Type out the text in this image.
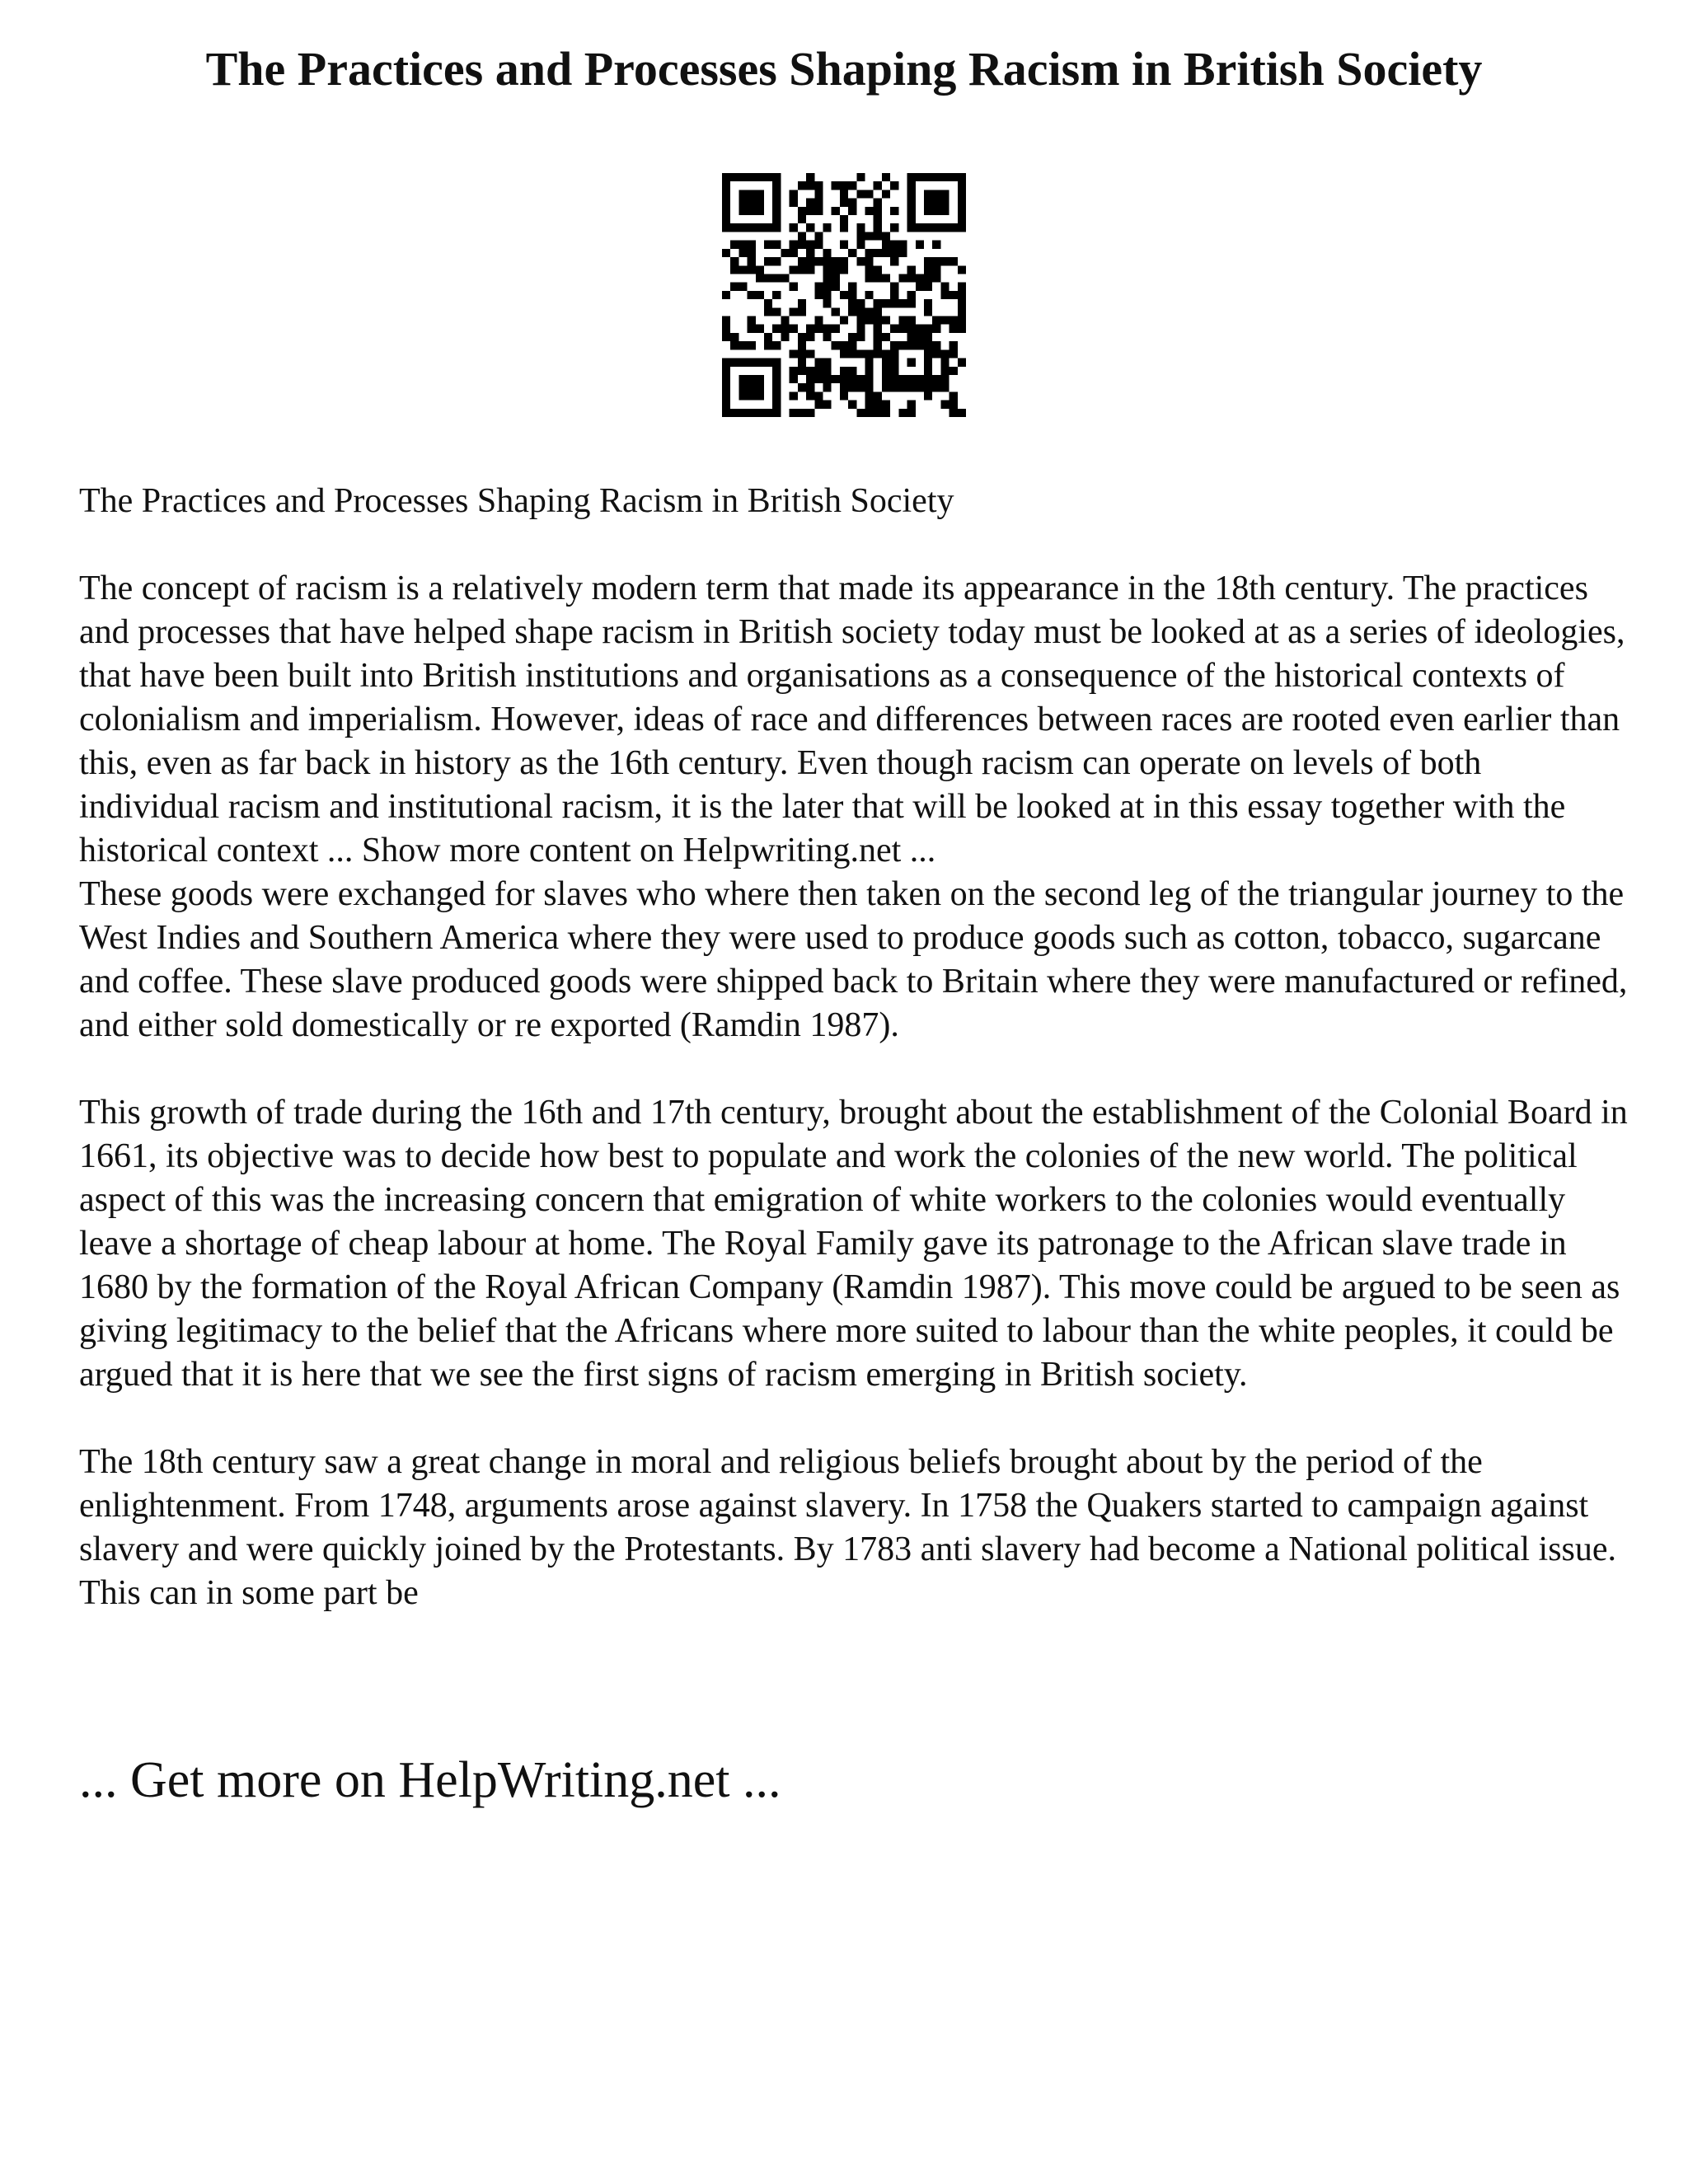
The Practices and Processes Shaping Racism in British Society

The Practices and Processes Shaping Racism in British Society

The concept of racism is a relatively modern term that made its appearance in the 18th century. The practices and processes that have helped shape racism in British society today must be looked at as a series of ideologies, that have been built into British institutions and organisations as a consequence of the historical contexts of colonialism and imperialism. However, ideas of race and differences between races are rooted even earlier than this, even as far back in history as the 16th century. Even though racism can operate on levels of both individual racism and institutional racism, it is the later that will be looked at in this essay together with the historical context ... Show more content on Helpwriting.net ...

These goods were exchanged for slaves who where then taken on the second leg of the triangular journey to the West Indies and Southern America where they were used to produce goods such as cotton, tobacco, sugarcane and coffee. These slave produced goods were shipped back to Britain where they were manufactured or refined, and either sold domestically or re exported (Ramdin 1987).

This growth of trade during the 16th and 17th century, brought about the establishment of the Colonial Board in 1661, its objective was to decide how best to populate and work the colonies of the new world. The political aspect of this was the increasing concern that emigration of white workers to the colonies would eventually leave a shortage of cheap labour at home. The Royal Family gave its patronage to the African slave trade in 1680 by the formation of the Royal African Company (Ramdin 1987). This move could be argued to be seen as giving legitimacy to the belief that the Africans where more suited to labour than the white peoples, it could be argued that it is here that we see the first signs of racism emerging in British society.

The 18th century saw a great change in moral and religious beliefs brought about by the period of the enlightenment. From 1748, arguments arose against slavery. In 1758 the Quakers started to campaign against slavery and were quickly joined by the Protestants. By 1783 anti slavery had become a National political issue. This can in some part be

... Get more on HelpWriting.net ...
